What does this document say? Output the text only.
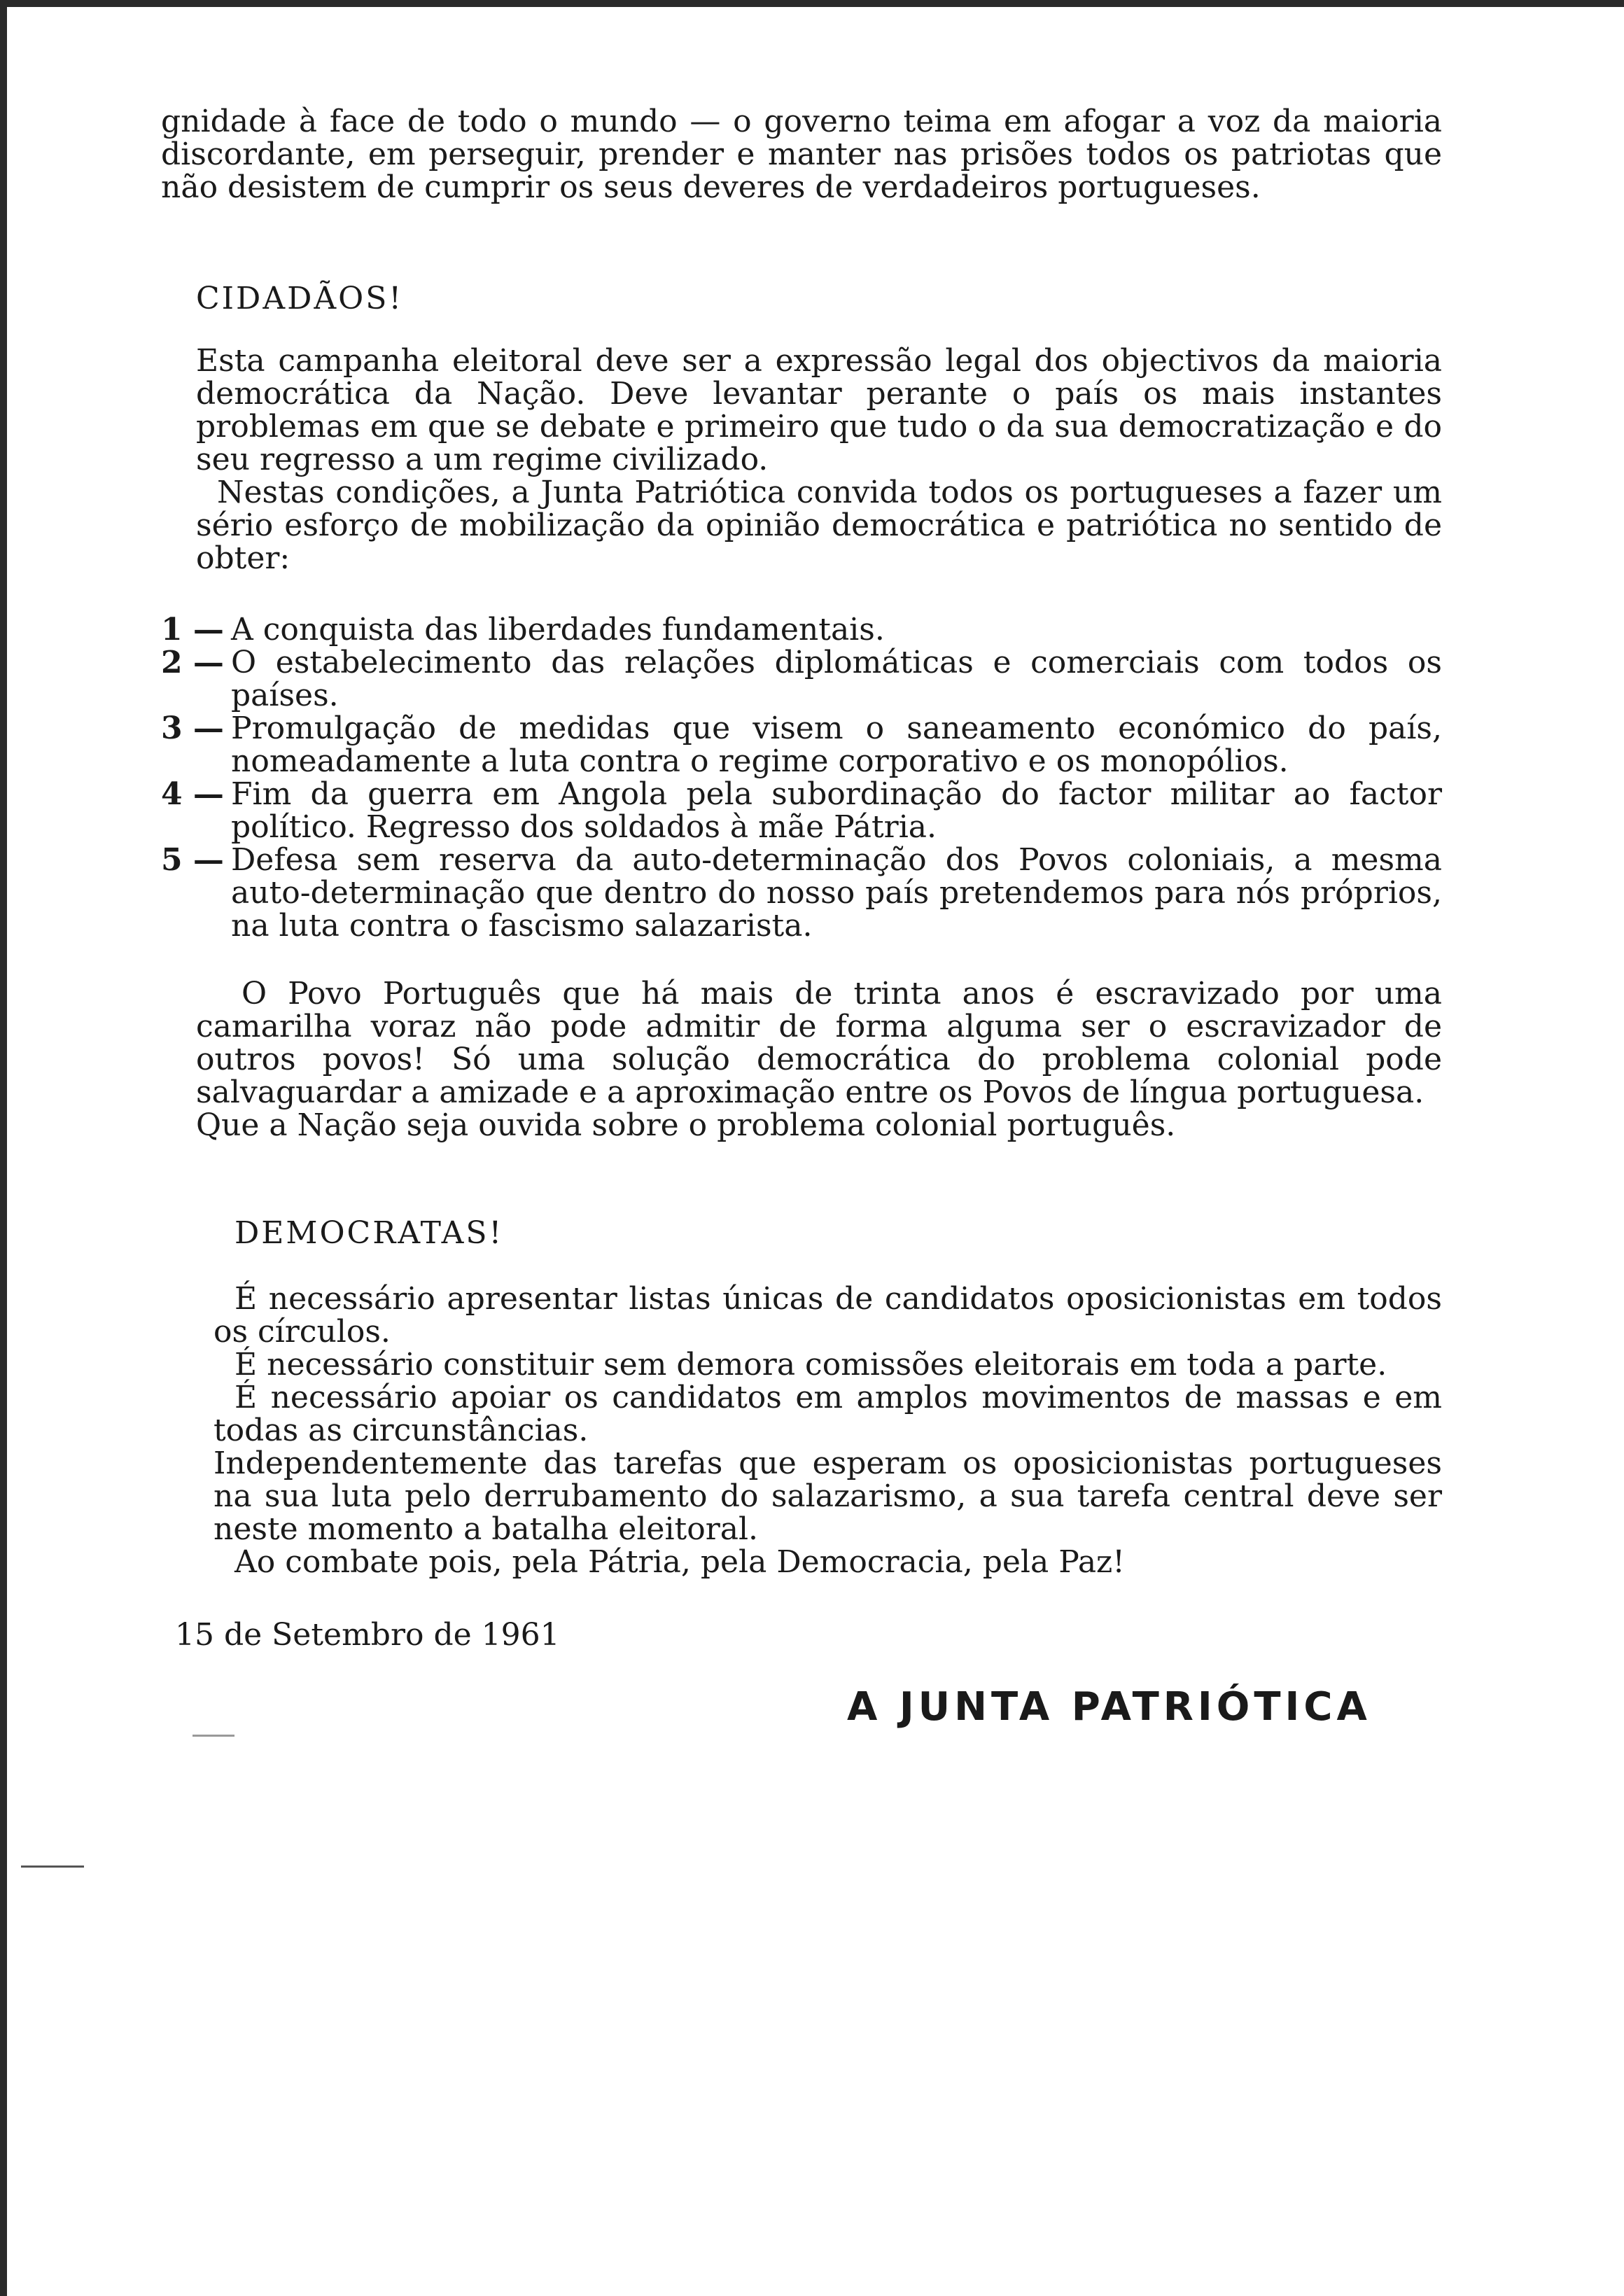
gnidade à face de todo o mundo — o governo teima em afogar a voz da maioria discordante, em perseguir, prender e manter nas prisões todos os patriotas que não desistem de cumprir os seus deveres de verdadeiros portugueses.

CIDADÃOS!

Esta campanha eleitoral deve ser a expressão legal dos objectivos da maioria democrática da Nação. Deve levantar perante o país os mais instantes problemas em que se debate e primeiro que tudo o da sua democratização e do seu regresso a um regime civilizado.

Nestas condições, a Junta Patriótica convida todos os portugueses a fazer um sério esforço de mobilização da opinião democrática e patriótica no sentido de obter:

1 — A conquista das liberdades fundamentais.
2 — O estabelecimento das relações diplomáticas e comerciais com todos os países.
3 — Promulgação de medidas que visem o saneamento económico do país, nomeadamente a luta contra o regime corporativo e os monopólios.
4 — Fim da guerra em Angola pela subordinação do factor militar ao factor político. Regresso dos soldados à mãe Pátria.
5 — Defesa sem reserva da auto-determinação dos Povos coloniais, a mesma auto-determinação que dentro do nosso país pretendemos para nós próprios, na luta contra o fascismo salazarista.

O Povo Português que há mais de trinta anos é escravizado por uma camarilha voraz não pode admitir de forma alguma ser o escravizador de outros povos! Só uma solução democrática do problema colonial pode salvaguardar a amizade e a aproximação entre os Povos de língua portuguesa.

Que a Nação seja ouvida sobre o problema colonial português.

DEMOCRATAS!

É necessário apresentar listas únicas de candidatos oposicionistas em todos os círculos.

É necessário constituir sem demora comissões eleitorais em toda a parte.

É necessário apoiar os candidatos em amplos movimentos de massas e em todas as circunstâncias.

Independentemente das tarefas que esperam os oposicionistas portugueses na sua luta pelo derrubamento do salazarismo, a sua tarefa central deve ser neste momento a batalha eleitoral.

Ao combate pois, pela Pátria, pela Democracia, pela Paz!

15 de Setembro de 1961

A JUNTA PATRIÓTICA
